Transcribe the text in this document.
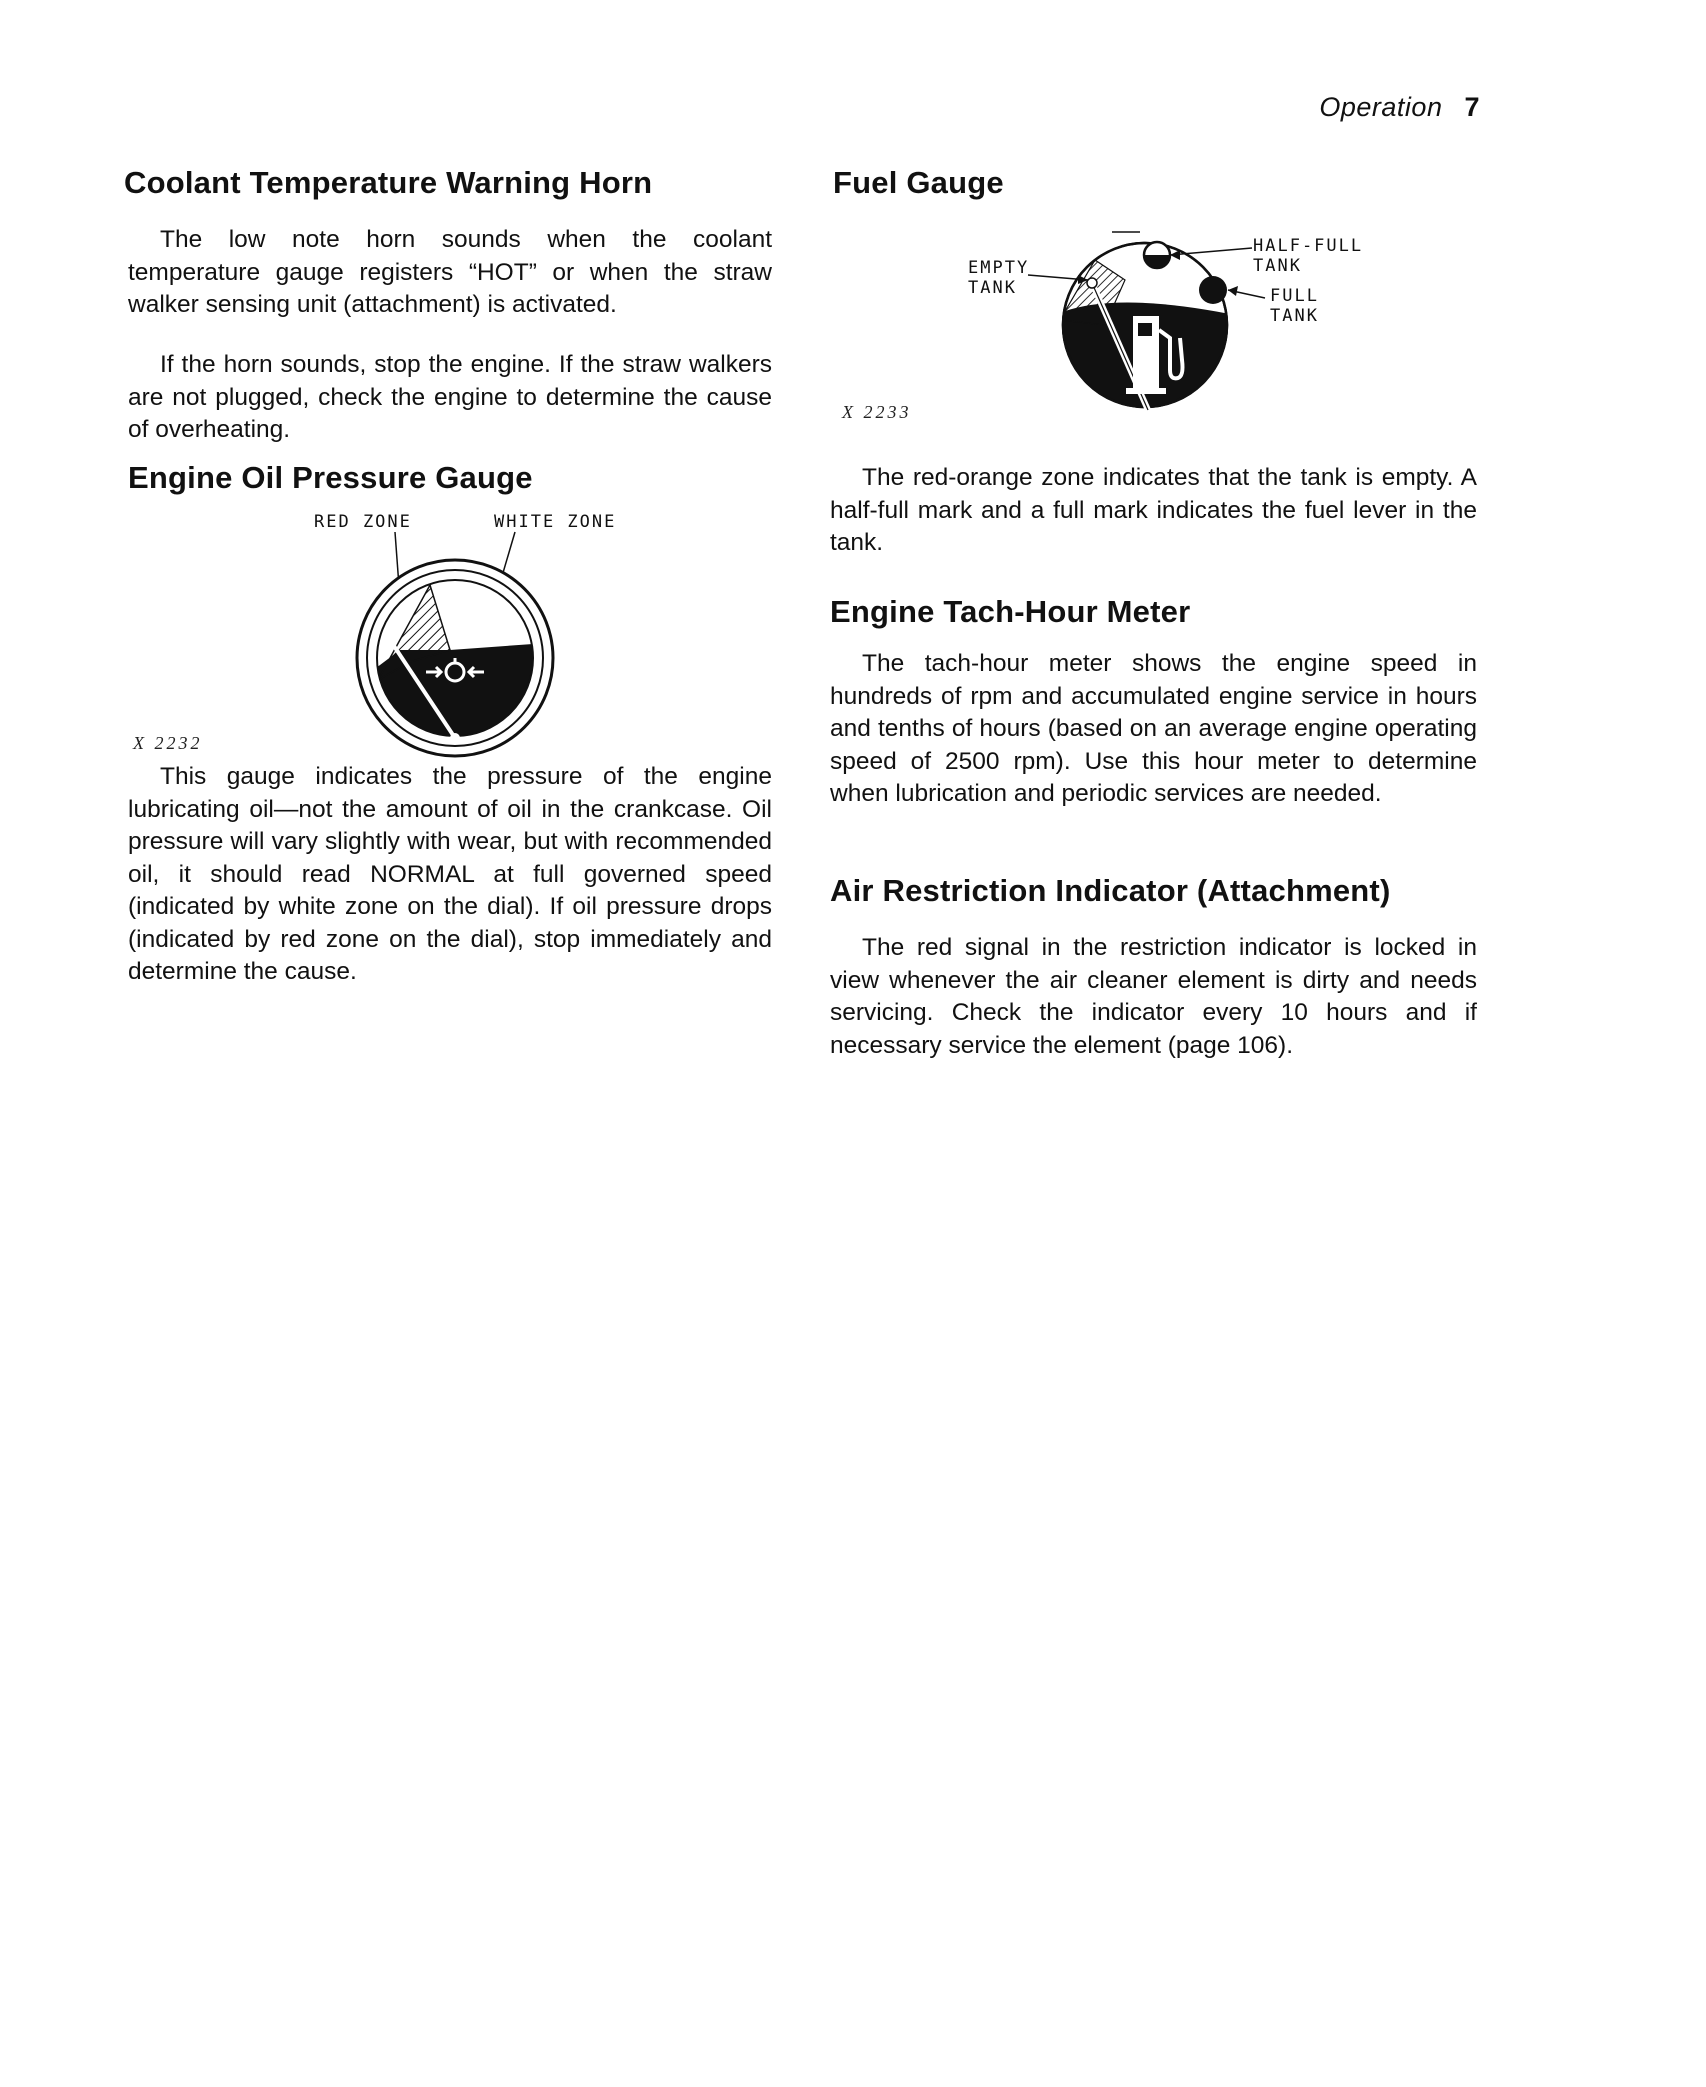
Operation 7
Coolant Temperature Warning Horn

The low note horn sounds when the coolant temperature gauge registers “HOT” or when the straw walker sensing unit (attachment) is activated.

If the horn sounds, stop the engine. If the straw walkers are not plugged, check the engine to determine the cause of overheating.

Engine Oil Pressure Gauge
RED ZONE	WHITE ZONE
X 2232

This gauge indicates the pressure of the engine lubricating oil—not the amount of oil in the crankcase. Oil pressure will vary slightly with wear, but with recommended oil, it should read NORMAL at full governed speed (indicated by white zone on the dial). If oil pressure drops (indicated by red zone on the dial), stop immediately and determine the cause.

Fuel Gauge
EMPTY
TANK
HALF-FULL
TANK
FULL
TANK
X 2233

The red-orange zone indicates that the tank is empty. A half-full mark and a full mark indicates the fuel lever in the tank.

Engine Tach-Hour Meter

The tach-hour meter shows the engine speed in hundreds of rpm and accumulated engine service in hours and tenths of hours (based on an average engine operating speed of 2500 rpm). Use this hour meter to determine when lubrication and periodic services are needed.

Air Restriction Indicator (Attachment)

The red signal in the restriction indicator is locked in view whenever the air cleaner element is dirty and needs servicing. Check the indicator every 10 hours and if necessary service the element (page 106).
